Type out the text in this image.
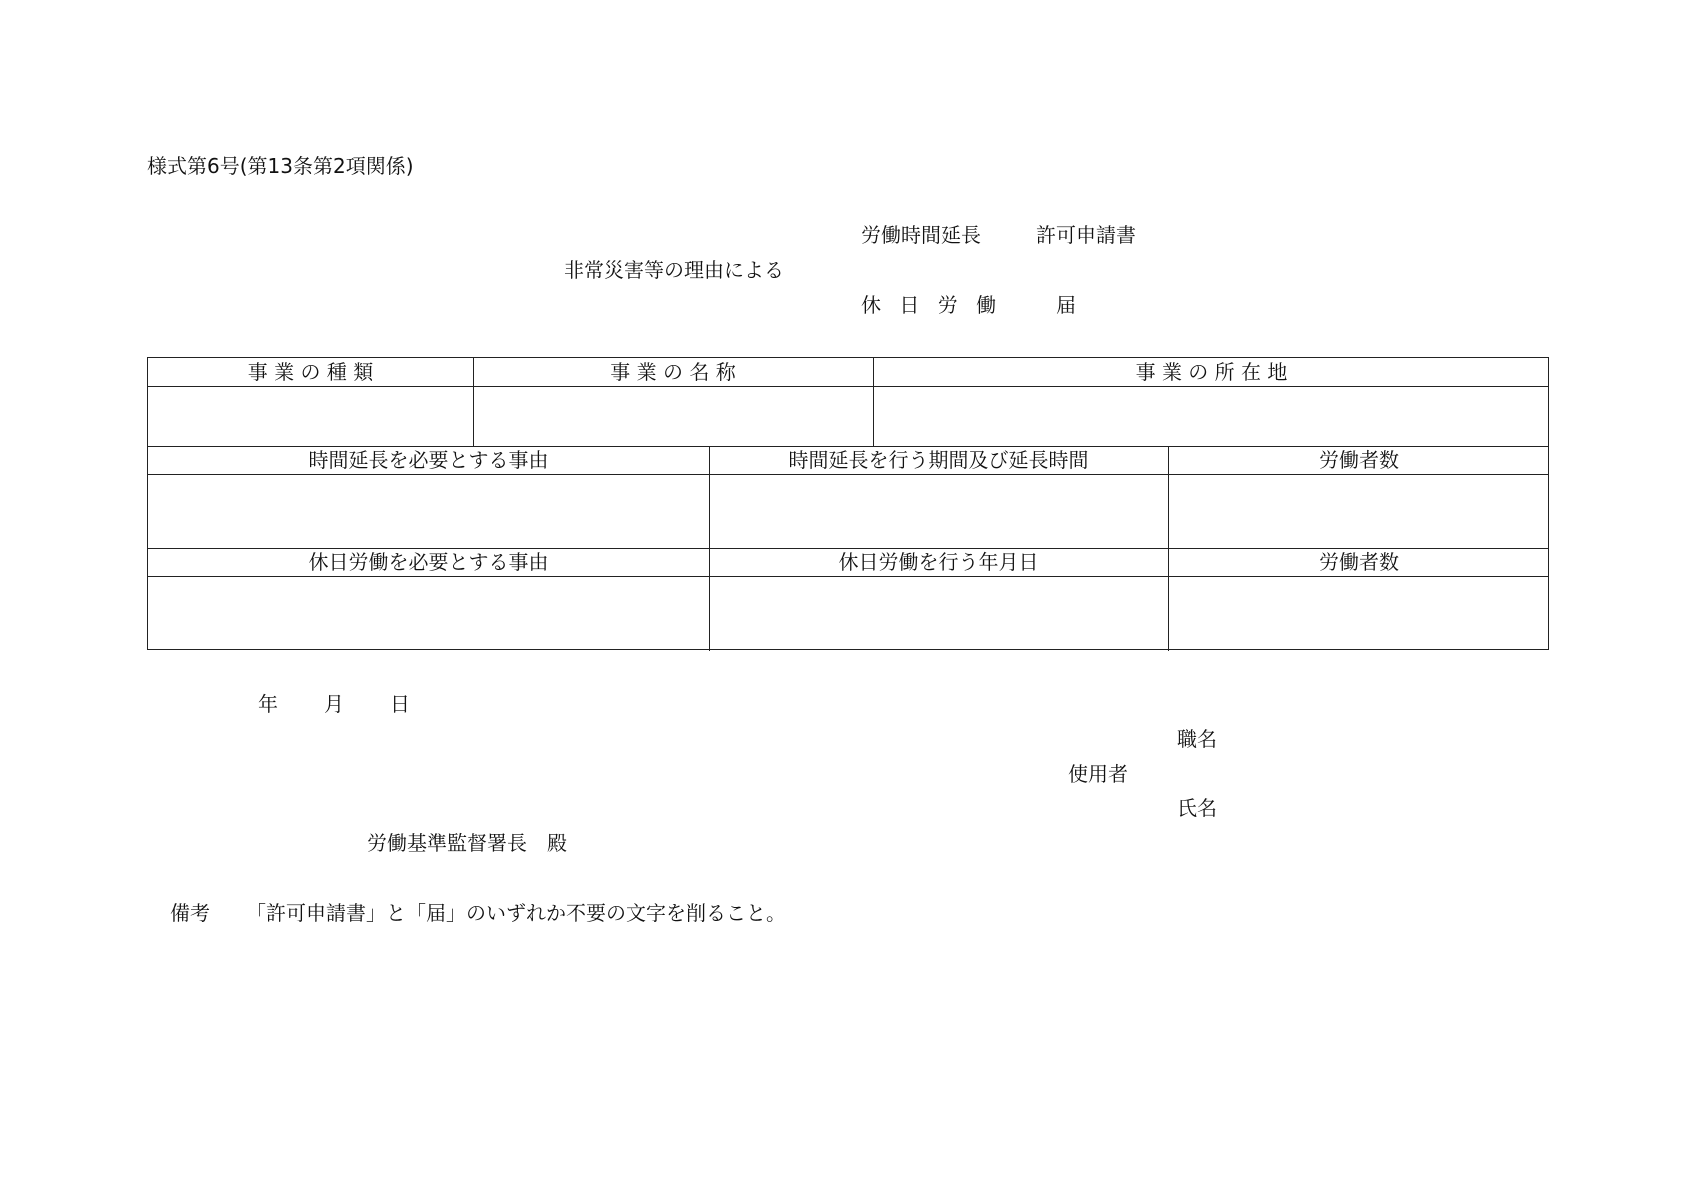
様式第6号(第13条第2項関係)
労働時間延長	許可申請書
非常災害等の理由による
休 日 労 働	届
事 業 の 種 類	事 業 の 名 称	事 業 の 所 在 地
時間延長を必要とする事由	時間延長を行う期間及び延長時間	労働者数
休日労働を必要とする事由	休日労働を行う年月日	労働者数
年 月 日
職名
使用者
氏名
労働基準監督署長　殿
備考 「許可申請書」と「届」のいずれか不要の文字を削ること。
